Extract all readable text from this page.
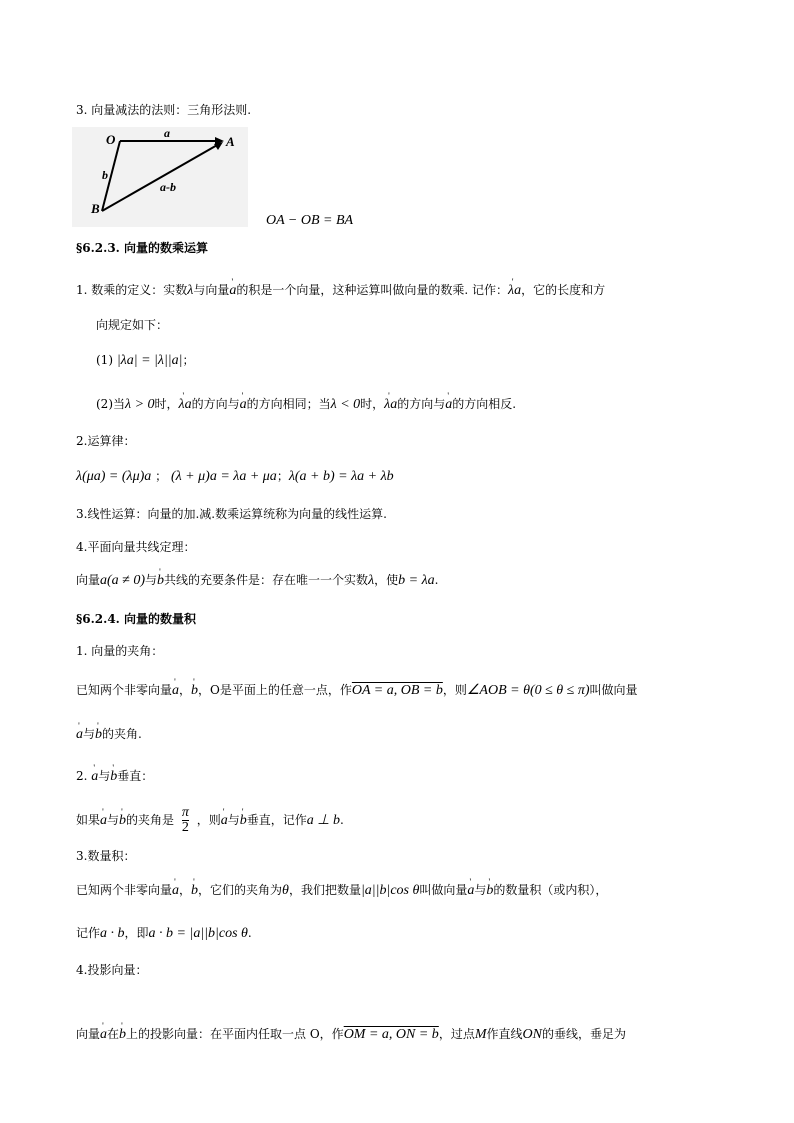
3. 向量减法的法则：三角形法则.
O	A
B
a
b
a-b
OA − OB = BA
§6.2.3. 向量的数乘运算
1. 数乘的定义：实数λ与向量' a的积是一个向量，这种运算叫做向量的数乘. 记作：' λa，它的长度和方
向规定如下：
(1) |λa| = |λ||a|；
(2)当λ > 0时，' λa的方向与' a的方向相同；当λ < 0时，' λa的方向与' a的方向相反.
2.运算律：
λ(μa) = (λμ)a ； (λ + μ)a = λa + μa；λ(a + b) = λa + λb
3.线性运算：向量的加.减.数乘运算统称为向量的线性运算.
4.平面向量共线定理：
向量a(a ≠ 0)与' b共线的充要条件是：存在唯一一个实数λ，使b = λa.
§6.2.4. 向量的数量积
1. 向量的夹角：
已知两个非零向量' a，' b，O是平面上的任意一点，作OA = a, OB = b，则∠AOB = θ(0 ≤ θ ≤ π)叫做向量
' a与' b的夹角.
2. ' a与' b垂直：
如果' a与' b的夹角是 $\frac{\pi}{2}$ ，则' a与' b垂直，记作a ⊥ b.
3.数量积：
已知两个非零向量' a，' b，它们的夹角为θ，我们把数量|a||b|cos θ叫做向量' a与' b的数量积（或内积），
记作a · b，即a · b = |a||b|cos θ.
4.投影向量：
向量' a在' b上的投影向量：在平面内任取一点 O，作OM = a, ON = b，过点M作直线ON的垂线，垂足为
